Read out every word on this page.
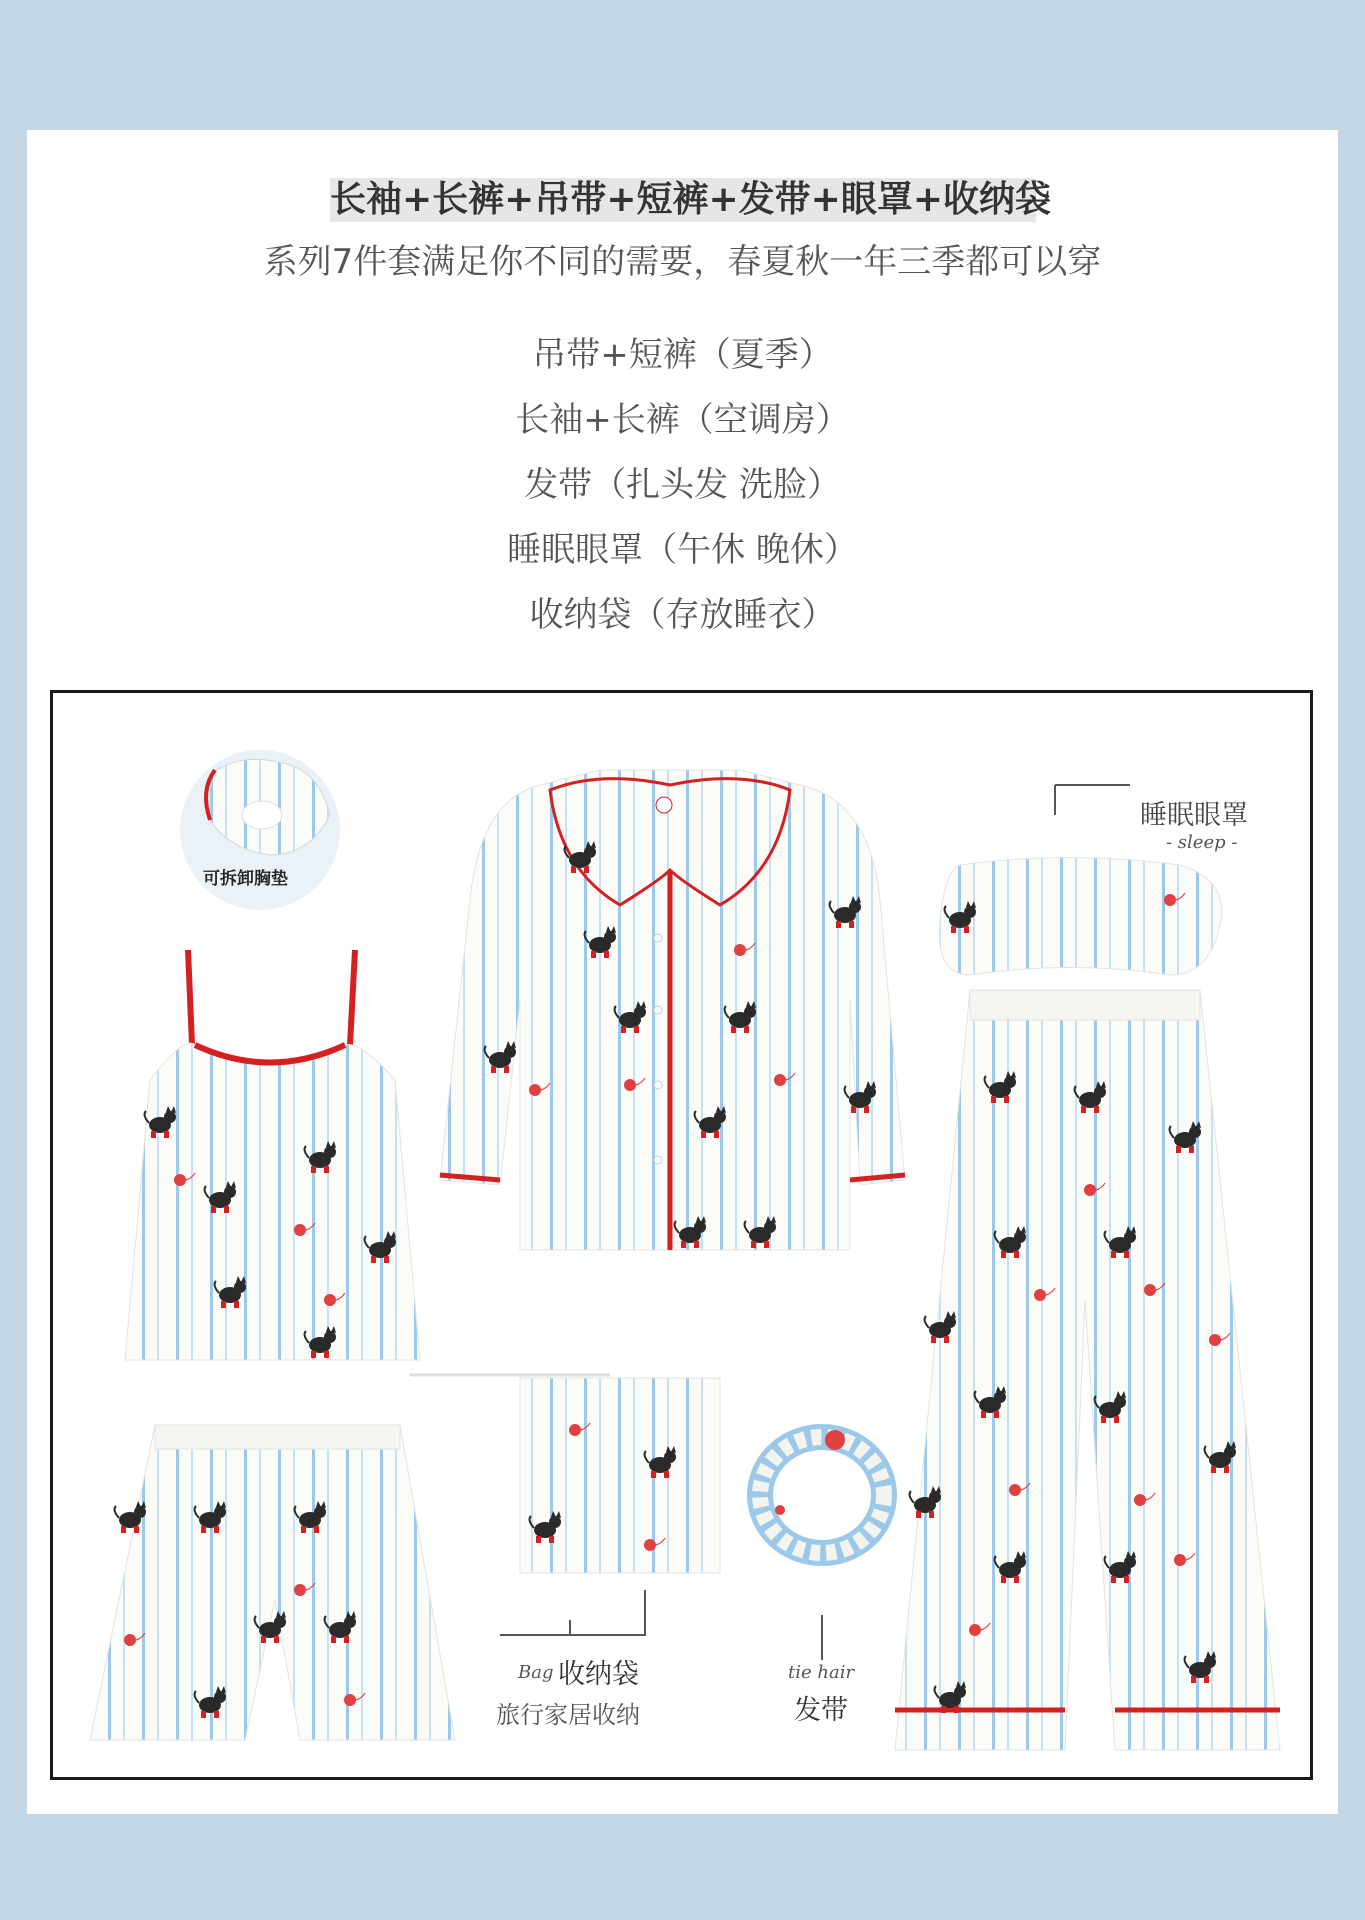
长袖+长裤+吊带+短裤+发带+眼罩+收纳袋
系列7件套满足你不同的需要，春夏秋一年三季都可以穿
吊带+短裤（夏季）
长袖+长裤（空调房）
发带（扎头发 洗脸）
睡眠眼罩（午休 晚休）
收纳袋（存放睡衣）
可拆卸胸垫
睡眠眼罩
- sleep -
Bag 收纳袋
旅行家居收纳
tie hair
发带
